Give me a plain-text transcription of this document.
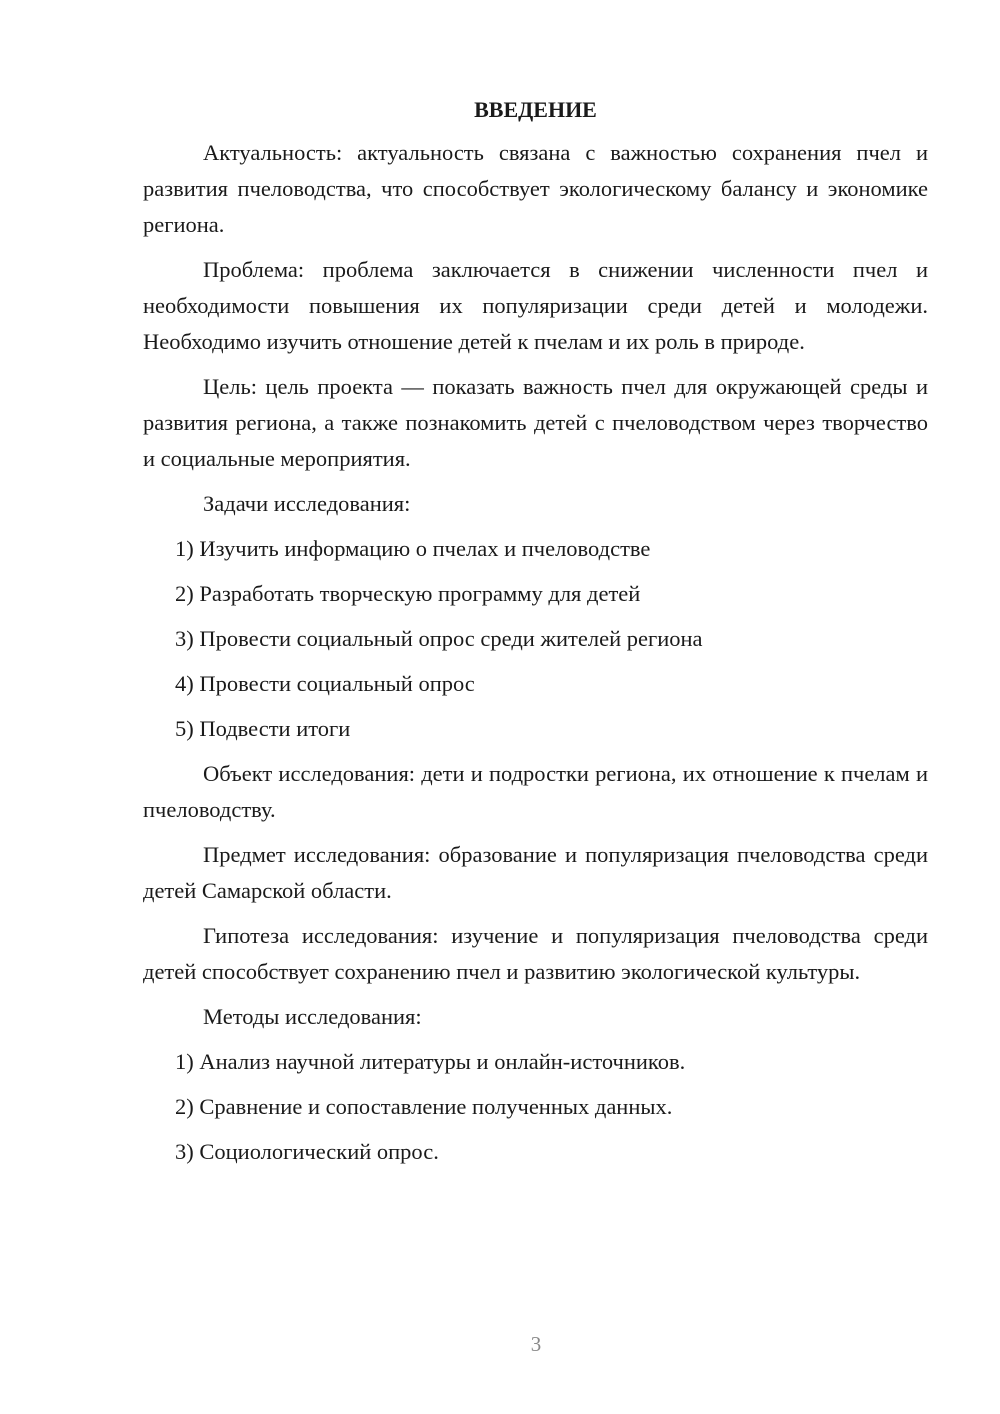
ВВЕДЕНИЕ

Актуальность: актуальность связана с важностью сохранения пчел и развития пчеловодства, что способствует экологическому балансу и экономике региона.

Проблема: проблема заключается в снижении численности пчел и необходимости повышения их популяризации среди детей и молодежи. Необходимо изучить отношение детей к пчелам и их роль в природе.

Цель: цель проекта — показать важность пчел для окружающей среды и развития региона, а также познакомить детей с пчеловодством через творчество и социальные мероприятия.

Задачи исследования:

1) Изучить информацию о пчелах и пчеловодстве

2) Разработать творческую программу для детей

3) Провести социальный опрос среди жителей региона

4) Провести социальный опрос

5) Подвести итоги

Объект исследования: дети и подростки региона, их отношение к пчелам и пчеловодству.

Предмет исследования: образование и популяризация пчеловодства среди детей Самарской области.

Гипотеза исследования: изучение и популяризация пчеловодства среди детей способствует сохранению пчел и развитию экологической культуры.

Методы исследования:

1) Анализ научной литературы и онлайн-источников.

2) Сравнение и сопоставление полученных данных.

3) Социологический опрос.

3
